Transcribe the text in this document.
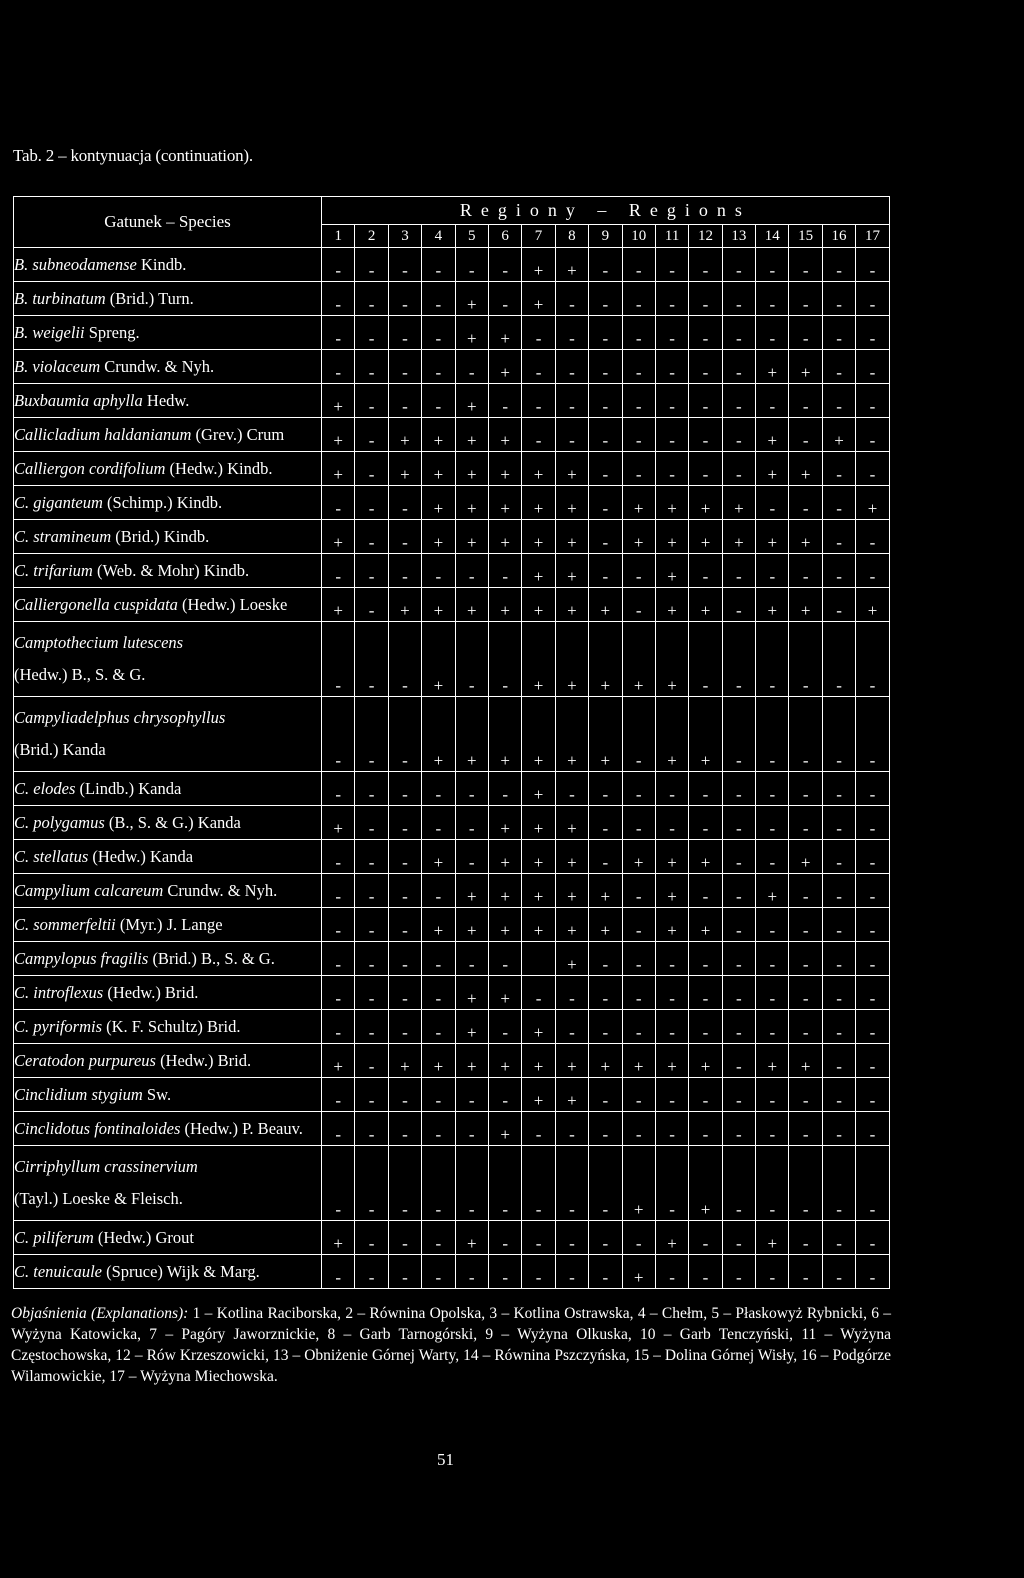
Tab. 2 – kontynuacja (continuation).
Gatunek – Species	Regiony – Regions																
	1	2	3	4	5	6	7	8	9	10	11	12	13	14	15	16	17

B. subneodamense Kindb.	-	-	-	-	-	-	+	+	-	-	-	-	-	-	-	-	-

B. turbinatum (Brid.) Turn.	-	-	-	-	+	-	+	-	-	-	-	-	-	-	-	-	-

B. weigelii Spreng.	-	-	-	-	+	+	-	-	-	-	-	-	-	-	-	-	-

B. violaceum Crundw. & Nyh.	-	-	-	-	-	+	-	-	-	-	-	-	-	+	+	-	-

Buxbaumia aphylla Hedw.	+	-	-	-	+	-	-	-	-	-	-	-	-	-	-	-	-

Callicladium haldanianum (Grev.) Crum	+	-	+	+	+	+	-	-	-	-	-	-	-	+	-	+	-

Calliergon cordifolium (Hedw.) Kindb.	+	-	+	+	+	+	+	+	-	-	-	-	-	+	+	-	-

C. giganteum (Schimp.) Kindb.	-	-	-	+	+	+	+	+	-	+	+	+	+	-	-	-	+

C. stramineum (Brid.) Kindb.	+	-	-	+	+	+	+	+	-	+	+	+	+	+	+	-	-

C. trifarium (Web. & Mohr) Kindb.	-	-	-	-	-	-	+	+	-	-	+	-	-	-	-	-	-

Calliergonella cuspidata (Hedw.) Loeske	+	-	+	+	+	+	+	+	+	-	+	+	-	+	+	-	+

Camptothecium lutescens
(Hedw.) B., S. & G.	-	-	-	+	-	-	+	+	+	+	+	-	-	-	-	-	-

Campyliadelphus chrysophyllus
(Brid.) Kanda	-	-	-	+	+	+	+	+	+	-	+	+	-	-	-	-	-

C. elodes (Lindb.) Kanda	-	-	-	-	-	-	+	-	-	-	-	-	-	-	-	-	-

C. polygamus (B., S. & G.) Kanda	+	-	-	-	-	+	+	+	-	-	-	-	-	-	-	-	-

C. stellatus (Hedw.) Kanda	-	-	-	+	-	+	+	+	-	+	+	+	-	-	+	-	-

Campylium calcareum Crundw. & Nyh.	-	-	-	-	+	+	+	+	+	-	+	-	-	+	-	-	-

C. sommerfeltii (Myr.) J. Lange	-	-	-	+	+	+	+	+	+	-	+	+	-	-	-	-	-

Campylopus fragilis (Brid.) B., S. & G.	-	-	-	-	-	-		+	-	-	-	-	-	-	-	-	-

C. introflexus (Hedw.) Brid.	-	-	-	-	+	+	-	-	-	-	-	-	-	-	-	-	-

C. pyriformis (K. F. Schultz) Brid.	-	-	-	-	+	-	+	-	-	-	-	-	-	-	-	-	-

Ceratodon purpureus (Hedw.) Brid.	+	-	+	+	+	+	+	+	+	+	+	+	-	+	+	-	-

Cinclidium stygium Sw.	-	-	-	-	-	-	+	+	-	-	-	-	-	-	-	-	-

Cinclidotus fontinaloides (Hedw.) P. Beauv.	-	-	-	-	-	+	-	-	-	-	-	-	-	-	-	-	-

Cirriphyllum crassinervium
(Tayl.) Loeske & Fleisch.	-	-	-	-	-	-	-	-	-	+	-	+	-	-	-	-	-

C. piliferum (Hedw.) Grout	+	-	-	-	+	-	-	-	-	-	+	-	-	+	-	-	-

C. tenuicaule (Spruce) Wijk & Marg.	-	-	-	-	-	-	-	-	-	+	-	-	-	-	-	-	-
Objaśnienia (Explanations): 1 – Kotlina Raciborska, 2 – Równina Opolska, 3 – Kotlina Ostrawska, 4 – Chełm, 5 – Płaskowyż Rybnicki, 6 – Wyżyna Katowicka, 7 – Pagóry Jaworznickie, 8 – Garb Tarnogórski, 9 – Wyżyna Olkuska, 10 – Garb Tenczyński, 11 – Wyżyna Częstochowska, 12 – Rów Krzeszowicki, 13 – Obniżenie Górnej Warty, 14 – Równina Pszczyńska, 15 – Dolina Górnej Wisły, 16 – Podgórze Wilamowickie, 17 – Wyżyna Miechowska.
51
